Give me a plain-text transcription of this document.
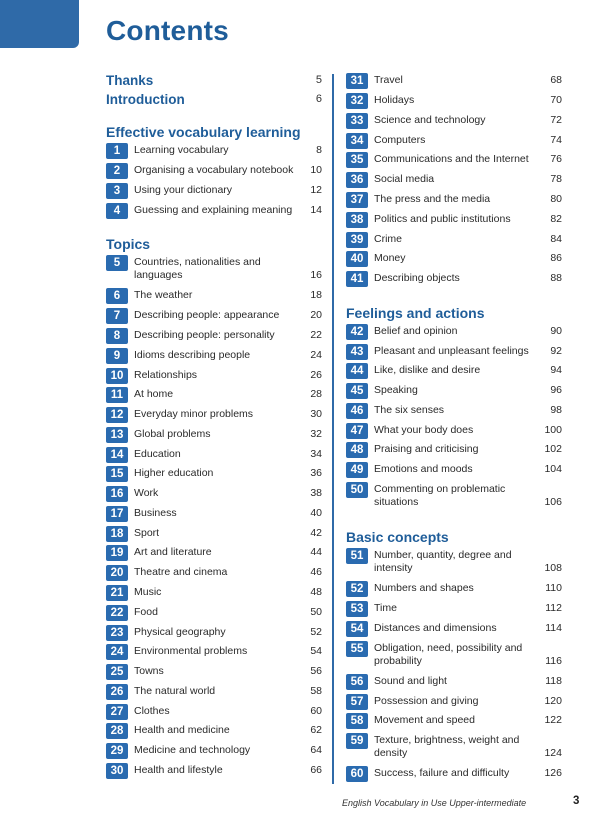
Contents
Thanks	5
Introduction	6
Effective vocabulary learning
1	Learning vocabulary	8
2	Organising a vocabulary notebook 10
3	Using your dictionary	12
4	Guessing and explaining meaning 14
Topics
5	Countries, nationalities and languages	16
6	The weather	18
7	Describing people: appearance	20
8	Describing people: personality	22
9	Idioms describing people	24
10	Relationships	26
11	At home	28
12	Everyday minor problems	30
13	Global problems	32
14	Education	34
15	Higher education	36
16	Work	38
17	Business	40
18	Sport	42
19	Art and literature	44
20	Theatre and cinema	46
21	Music	48
22	Food	50
23	Physical geography	52
24	Environmental problems	54
25	Towns	56
26	The natural world	58
27	Clothes	60
28	Health and medicine	62
29	Medicine and technology	64
30	Health and lifestyle	66
31	Travel	68
32	Holidays	70
33	Science and technology	72
34	Computers	74
35	Communications and the Internet	76
36	Social media	78
37	The press and the media	80
38	Politics and public institutions	82
39	Crime	84
40	Money	86
41	Describing objects	88
Feelings and actions
42	Belief and opinion	90
43	Pleasant and unpleasant feelings	92
44	Like, dislike and desire	94
45	Speaking	96
46	The six senses	98
47	What your body does	100
48	Praising and criticising	102
49	Emotions and moods	104
50	Commenting on problematic situations	106
Basic concepts
51	Number, quantity, degree and intensity	108
52	Numbers and shapes	110
53	Time	112
54	Distances and dimensions	114
55	Obligation, need, possibility and probability	116
56	Sound and light	118
57	Possession and giving	120
58	Movement and speed	122
59	Texture, brightness, weight and density	124
60	Success, failure and difficulty	126
English Vocabulary in Use Upper-intermediate	3
